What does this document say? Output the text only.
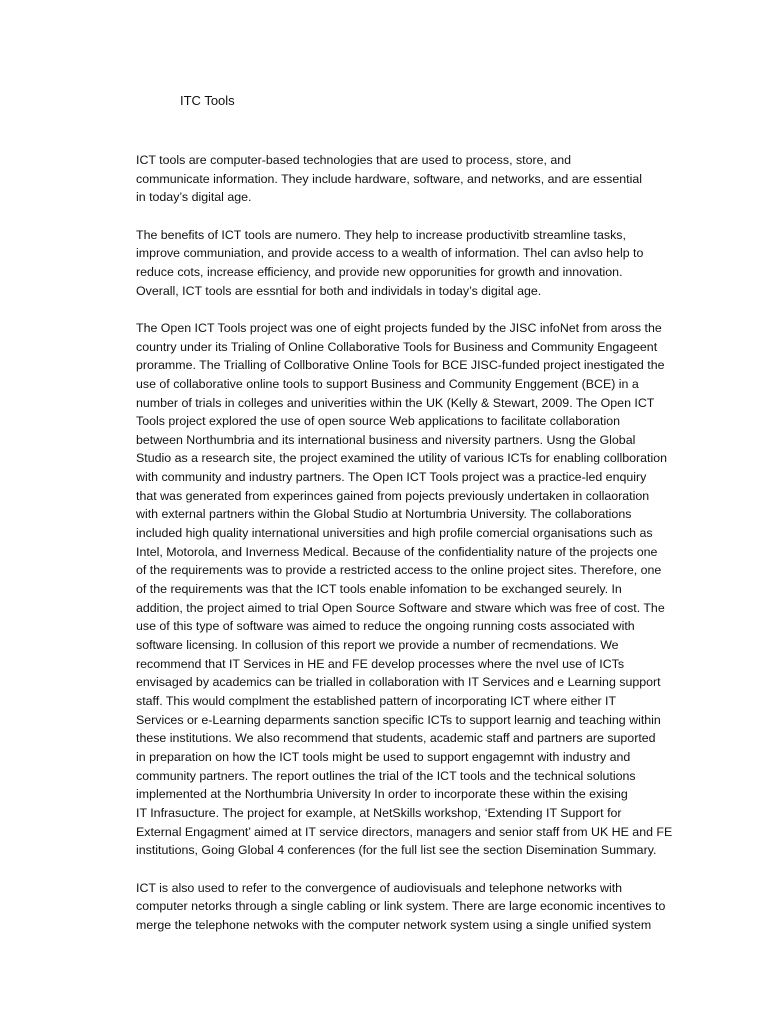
ITC Tools

ICT tools are computer-based technologies that are used to process, store, and
communicate information. They include hardware, software, and networks, and are essential
in today’s digital age.

The benefits of ICT tools are numero. They help to increase productivitb streamline tasks,
improve communiation, and provide access to a wealth of information. Thel can avlso help to
reduce cots, increase efficiency, and provide new opporunities for growth and innovation.
Overall, ICT tools are essntial for both and individals in today’s digital age.

The Open ICT Tools project was one of eight projects funded by the JISC infoNet from aross the
country under its Trialing of Online Collaborative Tools for Business and Community Engageent
proramme. The Trialling of Collborative Online Tools for BCE JISC-funded project inestigated the
use of collaborative online tools to support Business and Community Enggement (BCE) in a
number of trials in colleges and univerities within the UK (Kelly & Stewart, 2009. The Open ICT
Tools project explored the use of open source Web applications to facilitate collaboration
between Northumbria and its international business and niversity partners. Usng the Global
Studio as a research site, the project examined the utility of various ICTs for enabling collboration
with community and industry partners. The Open ICT Tools project was a practice-led enquiry
that was generated from experinces gained from pojects previously undertaken in collaoration
with external partners within the Global Studio at Nortumbria University. The collaborations
included high quality international universities and high profile comercial organisations such as
Intel, Motorola, and Inverness Medical. Because of the confidentiality nature of the projects one
of the requirements was to provide a restricted access to the online project sites. Therefore, one
of the requirements was that the ICT tools enable infomation to be exchanged seurely. In
addition, the project aimed to trial Open Source Software and stware which was free of cost. The
use of this type of software was aimed to reduce the ongoing running costs associated with
software licensing. In collusion of this report we provide a number of recmendations. We
recommend that IT Services in HE and FE develop processes where the nvel use of ICTs
envisaged by academics can be trialled in collaboration with IT Services and e Learning support
staff. This would complment the established pattern of incorporating ICT where either IT
Services or e-Learning deparments sanction specific ICTs to support learnig and teaching within
these institutions. We also recommend that students, academic staff and partners are suported
in preparation on how the ICT tools might be used to support engagemnt with industry and
community partners. The report outlines the trial of the ICT tools and the technical solutions
implemented at the Northumbria University In order to incorporate these within the exising
IT Infrasucture. The project for example, at NetSkills workshop, ‘Extending IT Support for
External Engagment’ aimed at IT service directors, managers and senior staff from UK HE and FE
institutions, Going Global 4 conferences (for the full list see the section Disemination Summary.

ICT is also used to refer to the convergence of audiovisuals and telephone networks with
computer netorks through a single cabling or link system. There are large economic incentives to
merge the telephone netwoks with the computer network system using a single unified system
